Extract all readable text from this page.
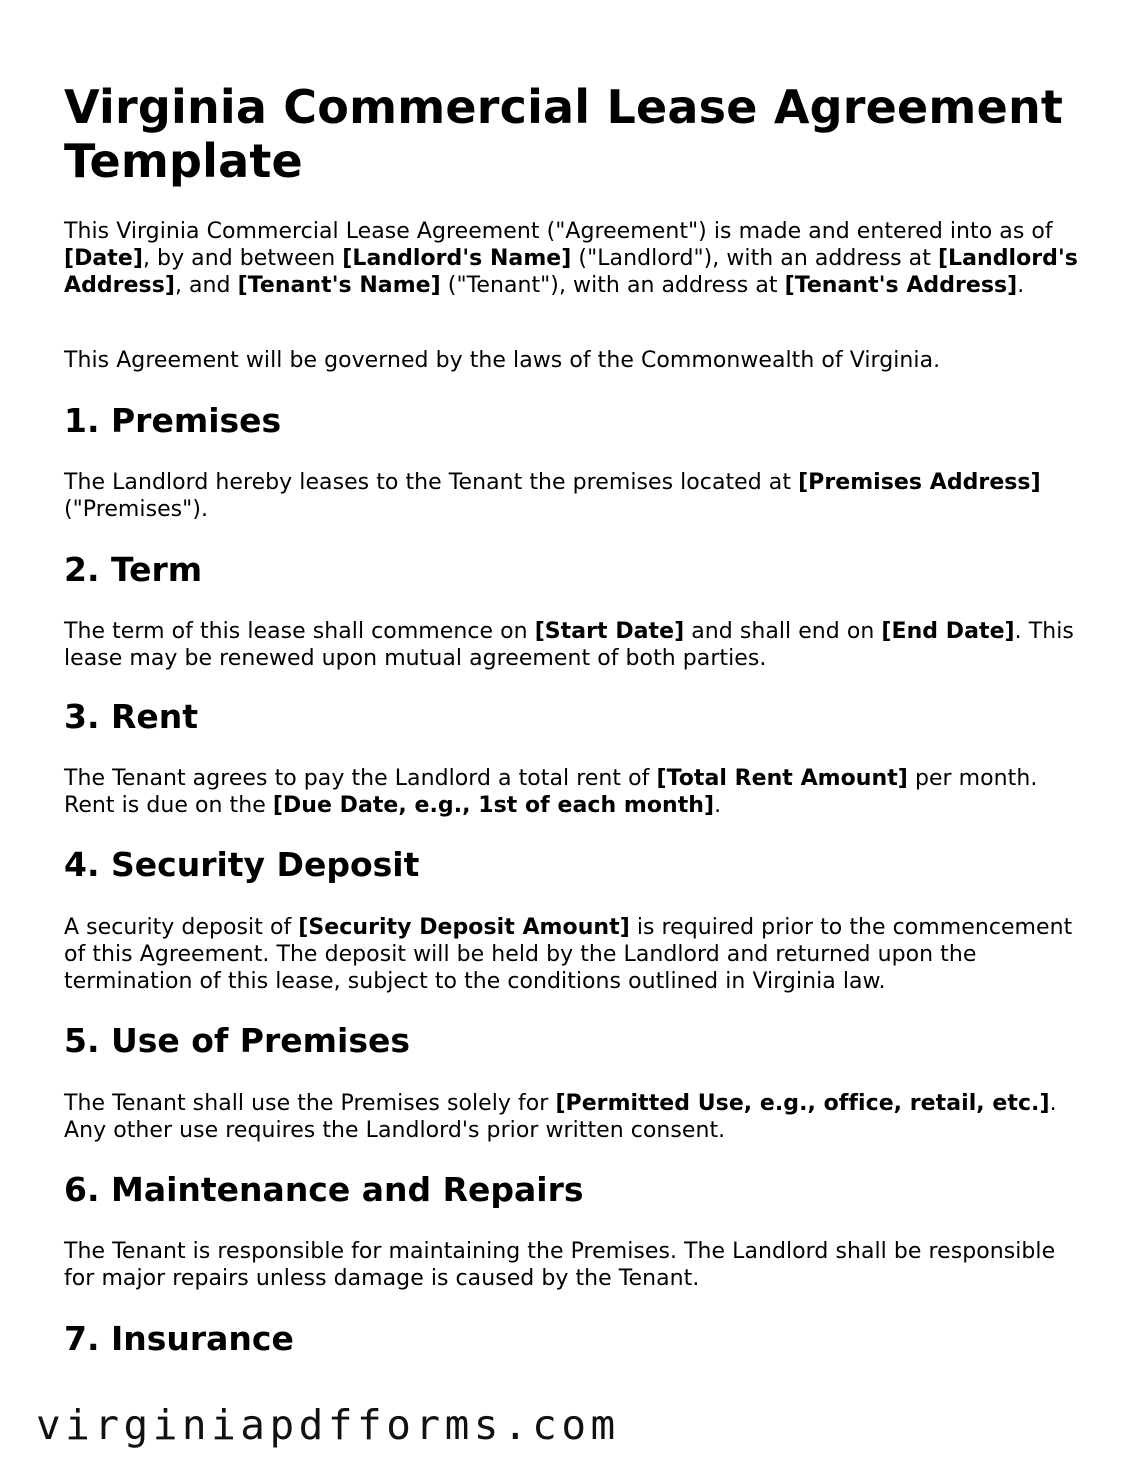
Virginia Commercial Lease Agreement Template

This Virginia Commercial Lease Agreement ("Agreement") is made and entered into as of [Date], by and between [Landlord's Name] ("Landlord"), with an address at [Landlord's Address], and [Tenant's Name] ("Tenant"), with an address at [Tenant's Address].

This Agreement will be governed by the laws of the Commonwealth of Virginia.

1. Premises

The Landlord hereby leases to the Tenant the premises located at [Premises Address] ("Premises").

2. Term

The term of this lease shall commence on [Start Date] and shall end on [End Date]. This lease may be renewed upon mutual agreement of both parties.

3. Rent

The Tenant agrees to pay the Landlord a total rent of [Total Rent Amount] per month. Rent is due on the [Due Date, e.g., 1st of each month].

4. Security Deposit

A security deposit of [Security Deposit Amount] is required prior to the commencement of this Agreement. The deposit will be held by the Landlord and returned upon the termination of this lease, subject to the conditions outlined in Virginia law.

5. Use of Premises

The Tenant shall use the Premises solely for [Permitted Use, e.g., office, retail, etc.]. Any other use requires the Landlord's prior written consent.

6. Maintenance and Repairs

The Tenant is responsible for maintaining the Premises. The Landlord shall be responsible for major repairs unless damage is caused by the Tenant.

7. Insurance
virginiapdfforms.com
